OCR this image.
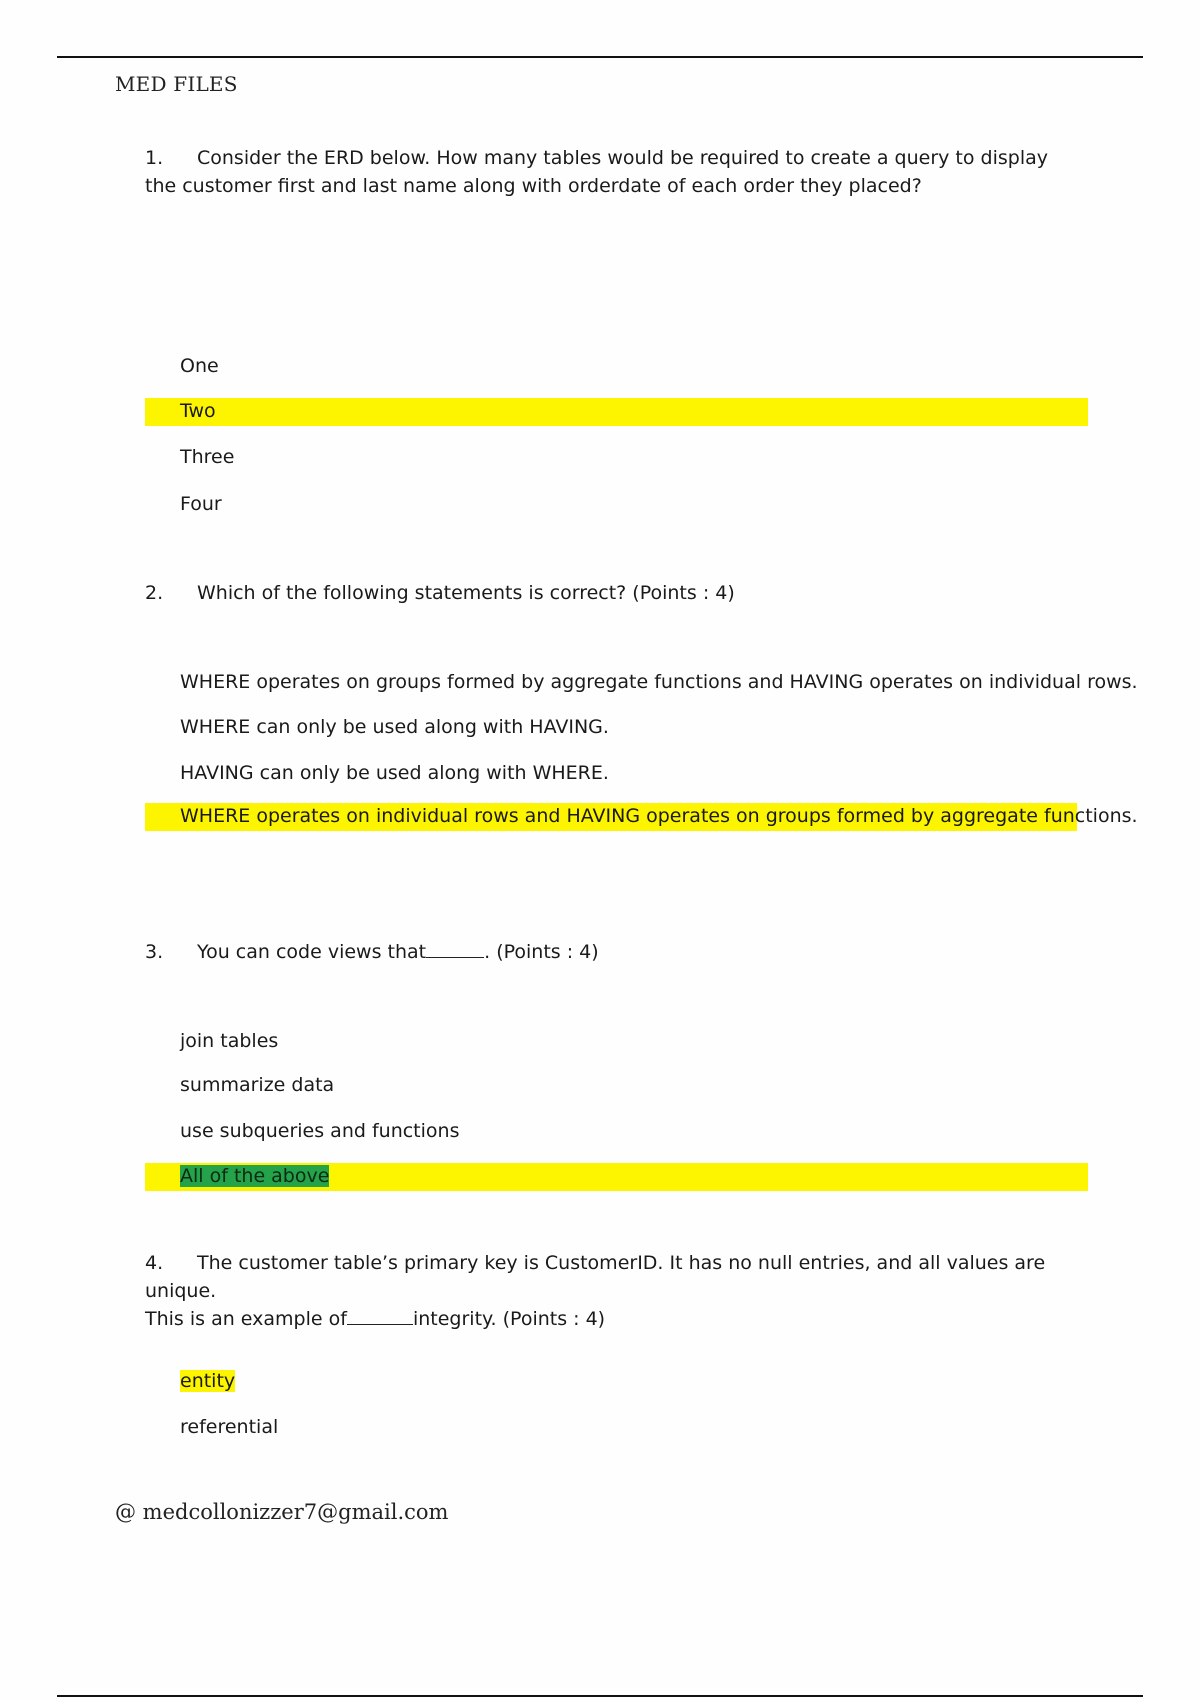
MED FILES
1. Consider the ERD below. How many tables would be required to create a query to display the customer first and last name along with orderdate of each order they placed?
One
Two
Three
Four
2. Which of the following statements is correct? (Points : 4)
WHERE operates on groups formed by aggregate functions and HAVING operates on individual rows.
WHERE can only be used along with HAVING.
HAVING can only be used along with WHERE.
WHERE operates on individual rows and HAVING operates on groups formed by aggregate functions.
3. You can code views that	. (Points : 4)
join tables
summarize data
use subqueries and functions
All of the above
4. The customer table’s primary key is CustomerID. It has no null entries, and all values are unique.
This is an example of	integrity. (Points : 4)
entity
referential
@ medcollonizzer7@gmail.com
